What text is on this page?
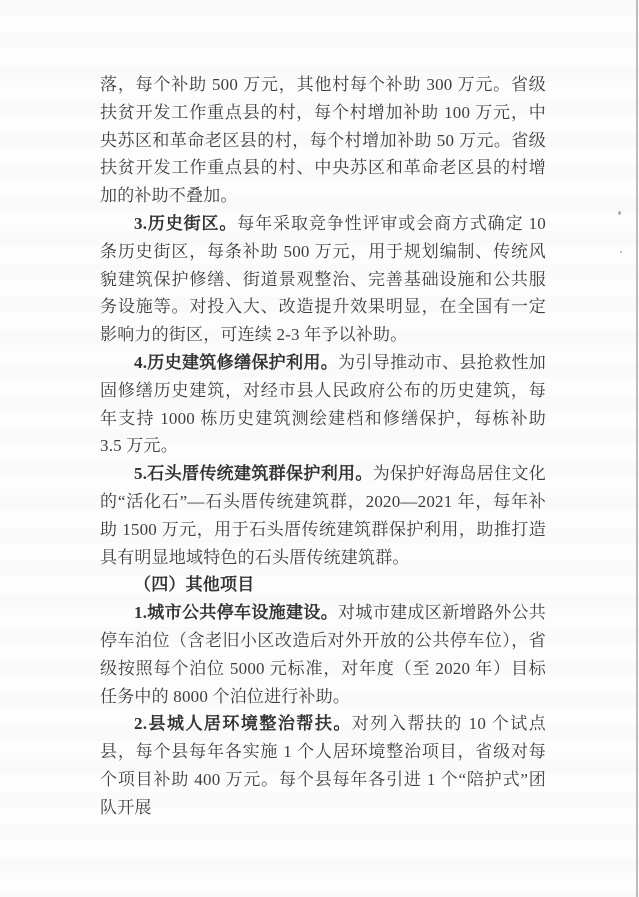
落，每个补助 500 万元，其他村每个补助 300 万元。省级扶贫开发工作重点县的村，每个村增加补助 100 万元，中央苏区和革命老区县的村，每个村增加补助 50 万元。省级扶贫开发工作重点县的村、中央苏区和革命老区县的村增加的补助不叠加。

3.历史街区。每年采取竞争性评审或会商方式确定 10 条历史街区，每条补助 500 万元，用于规划编制、传统风貌建筑保护修缮、街道景观整治、完善基础设施和公共服务设施等。对投入大、改造提升效果明显，在全国有一定影响力的街区，可连续 2-3 年予以补助。

4.历史建筑修缮保护利用。为引导推动市、县抢救性加固修缮历史建筑，对经市县人民政府公布的历史建筑，每年支持 1000 栋历史建筑测绘建档和修缮保护，每栋补助 3.5 万元。

5.石头厝传统建筑群保护利用。为保护好海岛居住文化的“活化石”—石头厝传统建筑群，2020—2021 年，每年补助 1500 万元，用于石头厝传统建筑群保护利用，助推打造具有明显地域特色的石头厝传统建筑群。

（四）其他项目

1.城市公共停车设施建设。对城市建成区新增路外公共停车泊位（含老旧小区改造后对外开放的公共停车位），省级按照每个泊位 5000 元标准，对年度（至 2020 年）目标任务中的 8000 个泊位进行补助。

2.县城人居环境整治帮扶。对列入帮扶的 10 个试点县，每个县每年各实施 1 个人居环境整治项目，省级对每个项目补助 400 万元。每个县每年各引进 1 个“陪护式”团队开展
